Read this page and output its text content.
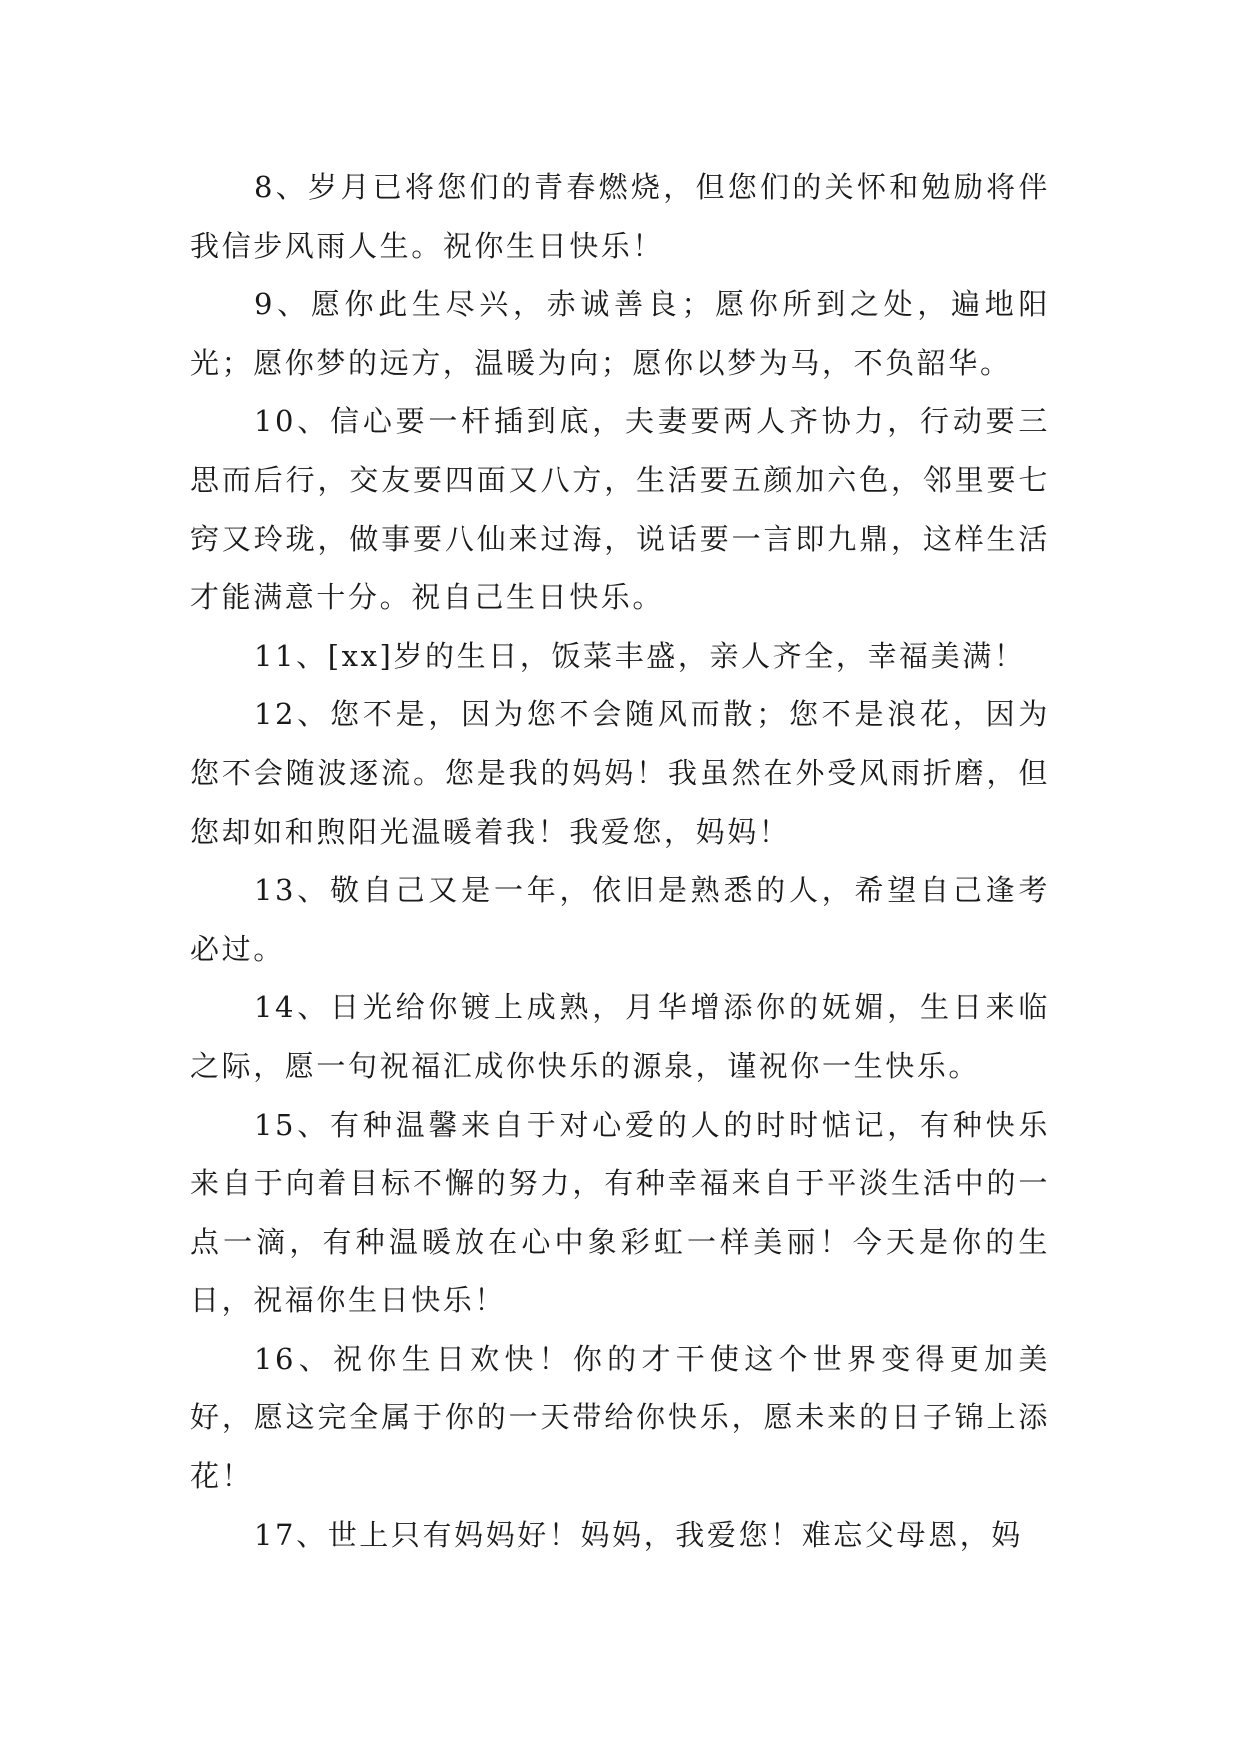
8、岁月已将您们的青春燃烧，但您们的关怀和勉励将伴我信步风雨人生。祝你生日快乐！

9、愿你此生尽兴，赤诚善良；愿你所到之处，遍地阳光；愿你梦的远方，温暖为向；愿你以梦为马，不负韶华。

10、信心要一杆插到底，夫妻要两人齐协力，行动要三思而后行，交友要四面又八方，生活要五颜加六色，邻里要七窍又玲珑，做事要八仙来过海，说话要一言即九鼎，这样生活才能满意十分。祝自己生日快乐。

11、[xx]岁的生日，饭菜丰盛，亲人齐全，幸福美满！

12、您不是，因为您不会随风而散；您不是浪花，因为您不会随波逐流。您是我的妈妈！我虽然在外受风雨折磨，但您却如和煦阳光温暖着我！我爱您，妈妈！

13、敬自己又是一年，依旧是熟悉的人，希望自己逢考必过。

14、日光给你镀上成熟，月华增添你的妩媚，生日来临之际，愿一句祝福汇成你快乐的源泉，谨祝你一生快乐。

15、有种温馨来自于对心爱的人的时时惦记，有种快乐来自于向着目标不懈的努力，有种幸福来自于平淡生活中的一点一滴，有种温暖放在心中象彩虹一样美丽！今天是你的生日，祝福你生日快乐！

16、祝你生日欢快！你的才干使这个世界变得更加美好，愿这完全属于你的一天带给你快乐，愿未来的日子锦上添花！

17、世上只有妈妈好！妈妈，我爱您！难忘父母恩，妈
